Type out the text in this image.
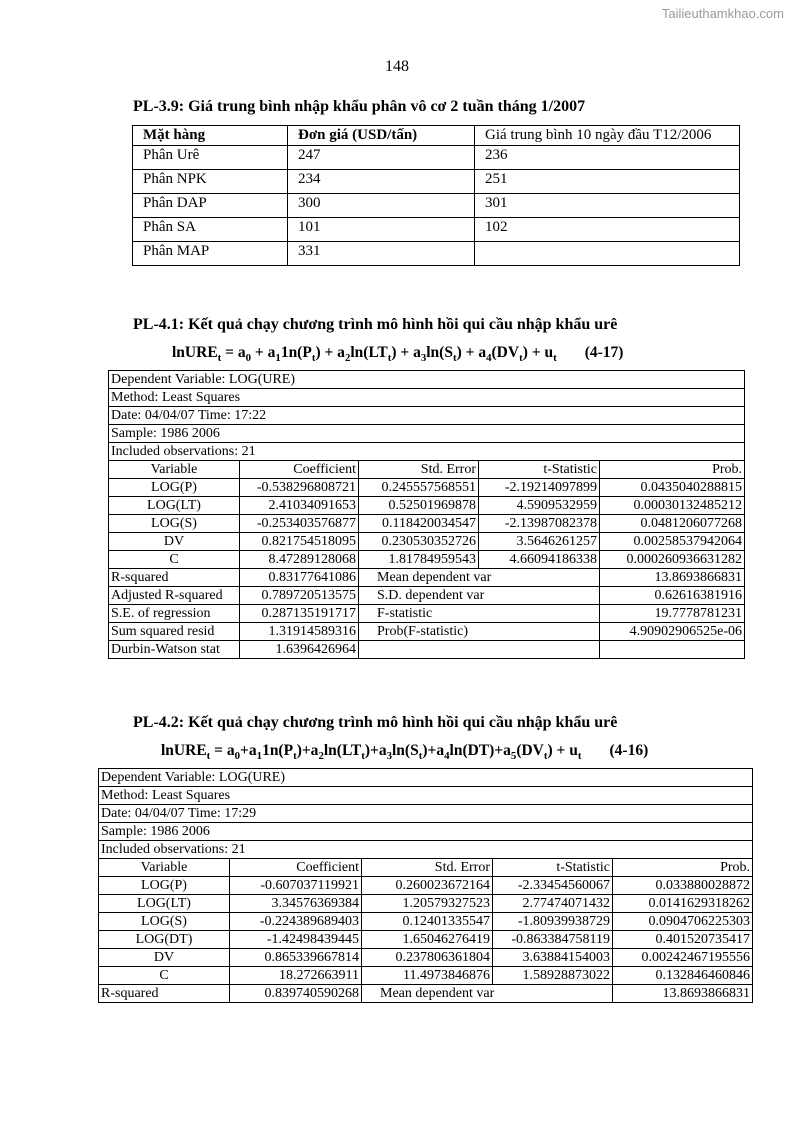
Tailieuthamkhao.com
148
PL-3.9: Giá trung bình nhập khẩu phân vô cơ 2 tuần tháng 1/2007
Mặt hàng	Đơn giá (USD/tấn)	Giá trung bình 10 ngày đầu T12/2006
Phân Urê	247	236
Phân NPK	234	251
Phân DAP	300	301
Phân SA	101	102
Phân MAP	331	
PL-4.1: Kết quả chạy chương trình mô hình hồi qui cầu nhập khẩu urê
lnURE$_t$ = $a_0 + a_11n(P_t) + a_2\ln(LT_t) + a_3\ln(S_t) + a_4(DV_t) + u_t$ (4-17)
Dependent Variable: LOG(URE)				
Method: Least Squares				
Date: 04/04/07 Time: 17:22				
Sample: 1986 2006				
Included observations: 21				
Variable	Coefficient	Std. Error	t-Statistic	Prob.
LOG(P)	-0.538296808721	0.245557568551	-2.19214097899	0.0435040288815
LOG(LT)	2.41034091653	0.52501969878	4.5909532959	0.00030132485212
LOG(S)	-0.253403576877	0.118420034547	-2.13987082378	0.0481206077268
DV	0.821754518095	0.230530352726	3.5646261257	0.00258537942064
C	8.47289128068	1.81784959543	4.66094186338	0.000260936631282
R-squared	0.83177641086	Mean dependent var		13.8693866831
Adjusted R-squared	0.789720513575	S.D. dependent var		0.62616381916
S.E. of regression	0.287135191717	F-statistic		19.7778781231
Sum squared resid	1.31914589316	Prob(F-statistic)		4.90902906525e-06
Durbin-Watson stat	1.6396426964			
PL-4.2: Kết quả chạy chương trình mô hình hồi qui cầu nhập khẩu urê
lnURE$_t$ = $a_0+a_11n(P_t)+a_2\ln(LT_t)+a_3\ln(S_t)+a_4\ln(DT)+a_5(DV_t) + u_t$ (4-16)
Dependent Variable: LOG(URE)				
Method: Least Squares				
Date: 04/04/07 Time: 17:29				
Sample: 1986 2006				
Included observations: 21				
Variable	Coefficient	Std. Error	t-Statistic	Prob.
LOG(P)	-0.607037119921	0.260023672164	-2.33454560067	0.033880028872
LOG(LT)	3.34576369384	1.20579327523	2.77474071432	0.0141629318262
LOG(S)	-0.224389689403	0.12401335547	-1.80939938729	0.0904706225303
LOG(DT)	-1.42498439445	1.65046276419	-0.863384758119	0.401520735417
DV	0.865339667814	0.237806361804	3.63884154003	0.00242467195556
C	18.272663911	11.4973846876	1.58928873022	0.132846460846
R-squared	0.839740590268	Mean dependent var		13.8693866831
